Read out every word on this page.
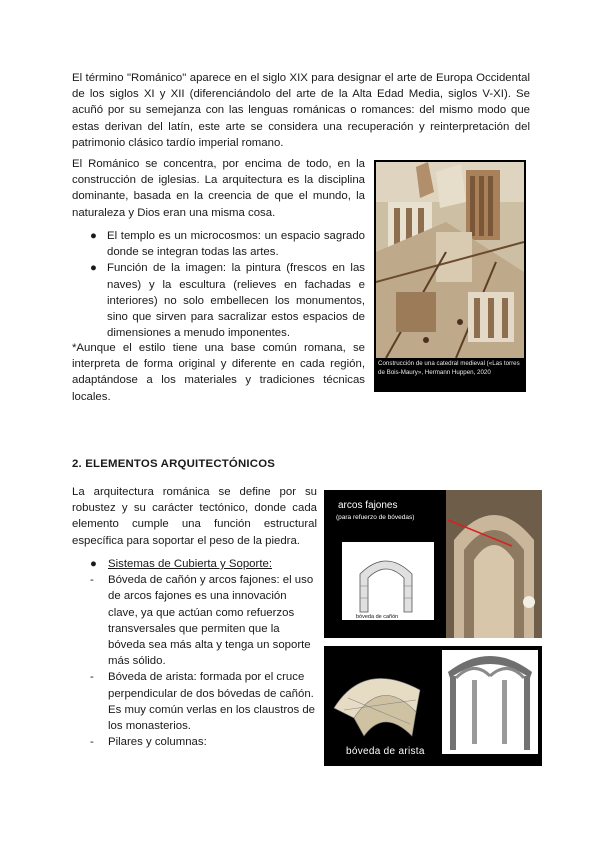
El término "Románico" aparece en el siglo XIX para designar el arte de Europa Occidental de los siglos XI y XII (diferenciándolo del arte de la Alta Edad Media, siglos V-XI). Se acuñó por su semejanza con las lenguas románicas o romances: del mismo modo que estas derivan del latín, este arte se considera una recuperación y reinterpretación del patrimonio clásico tardío imperial romano.

El Románico se concentra, por encima de todo, en la construcción de iglesias. La arquitectura es la disciplina dominante, basada en la creencia de que el mundo, la naturaleza y Dios eran una misma cosa.

● El templo es un microcosmos: un espacio sagrado donde se integran todas las artes.
● Función de la imagen: la pintura (frescos en las naves) y la escultura (relieves en fachadas e interiores) no solo embellecen los monumentos, sino que sirven para sacralizar estos espacios de dimensiones a menudo imponentes.

*Aunque el estilo tiene una base común romana, se interpreta de forma original y diferente en cada región, adaptándose a los materiales y tradiciones técnicas locales.

Construcción de una catedral medieval («Las torres de Bois-Maury», Hermann Huppen, 2020
2. ELEMENTOS ARQUITECTÓNICOS

La arquitectura románica se define por su robustez y su carácter tectónico, donde cada elemento cumple una función estructural específica para soportar el peso de la piedra.

● Sistemas de Cubierta y Soporte:
- Bóveda de cañón y arcos fajones: el uso de arcos fajones es una innovación clave, ya que actúan como refuerzos transversales que permiten que la bóveda sea más alta y tenga un soporte más sólido.
- Bóveda de arista: formada por el cruce perpendicular de dos bóvedas de cañón. Es muy común verlas en los claustros de los monasterios.
- Pilares y columnas:
arcos fajones
(para refuerzo de bóvedas)
bóveda de cañón
bóveda de arista
